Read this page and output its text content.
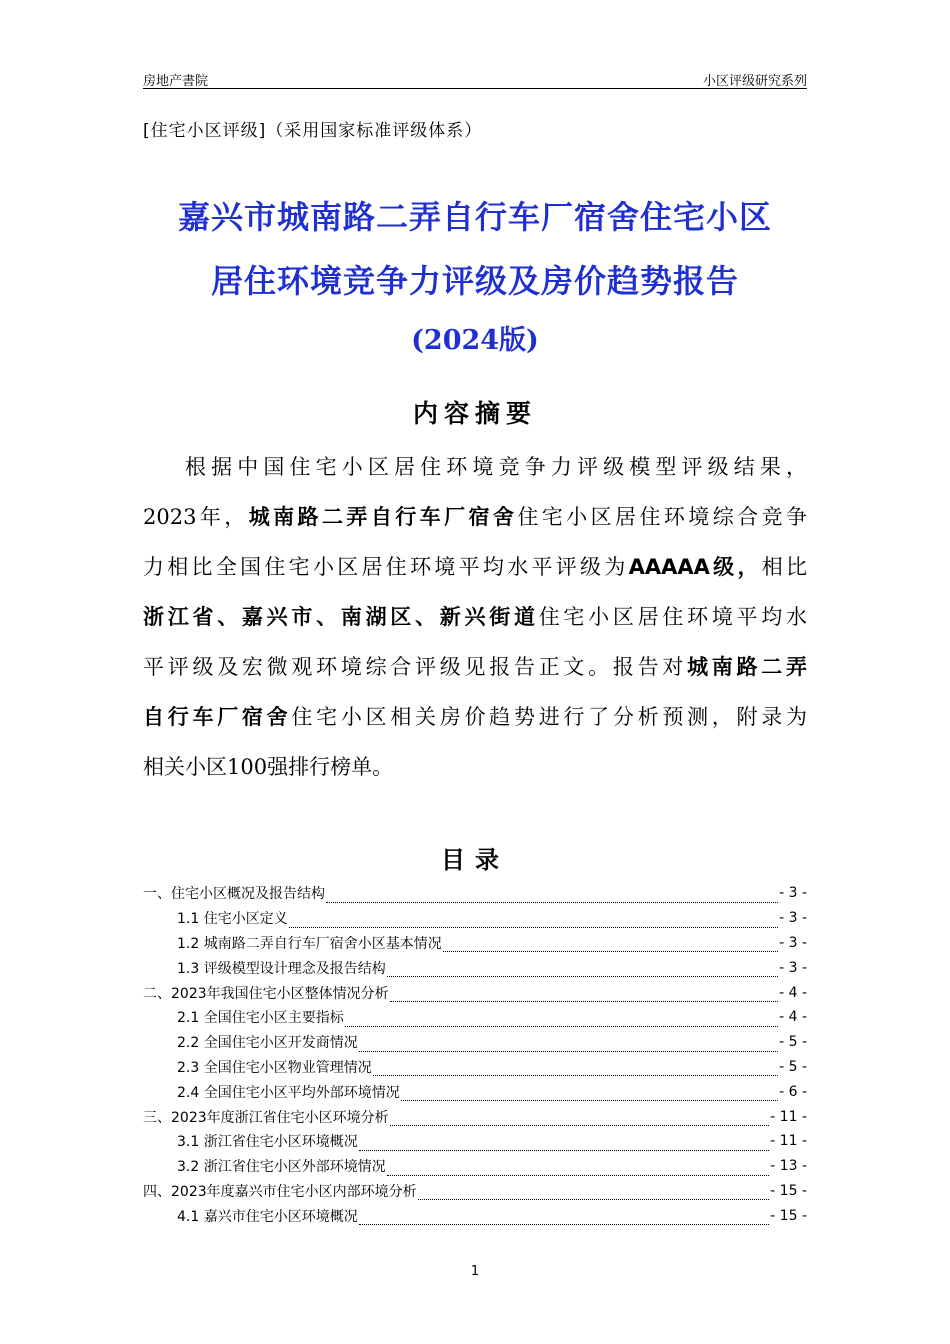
房地产書院	小区评级研究系列
[住宅小区评级]（采用国家标准评级体系）
嘉兴市城南路二弄自行车厂宿舍住宅小区
居住环境竞争力评级及房价趋势报告
(2024版)
内容摘要
根据中国住宅小区居住环境竞争力评级模型评级结果，
2023年，城南路二弄自行车厂宿舍住宅小区居住环境综合竞争
力相比全国住宅小区居住环境平均水平评级为AAAAA级，相比
浙江省、嘉兴市、南湖区、新兴街道住宅小区居住环境平均水
平评级及宏微观环境综合评级见报告正文。报告对城南路二弄
自行车厂宿舍住宅小区相关房价趋势进行了分析预测，附录为
相关小区100强排行榜单。
目录
一、住宅小区概况及报告结构	- 3 -
1.1 住宅小区定义	- 3 -
1.2 城南路二弄自行车厂宿舍小区基本情况	- 3 -
1.3 评级模型设计理念及报告结构	- 3 -
二、2023年我国住宅小区整体情况分析	- 4 -
2.1 全国住宅小区主要指标	- 4 -
2.2 全国住宅小区开发商情况	- 5 -
2.3 全国住宅小区物业管理情况	- 5 -
2.4 全国住宅小区平均外部环境情况	- 6 -
三、2023年度浙江省住宅小区环境分析	- 11 -
3.1 浙江省住宅小区环境概况	- 11 -
3.2 浙江省住宅小区外部环境情况	- 13 -
四、2023年度嘉兴市住宅小区内部环境分析	- 15 -
4.1 嘉兴市住宅小区环境概况	- 15 -
1
